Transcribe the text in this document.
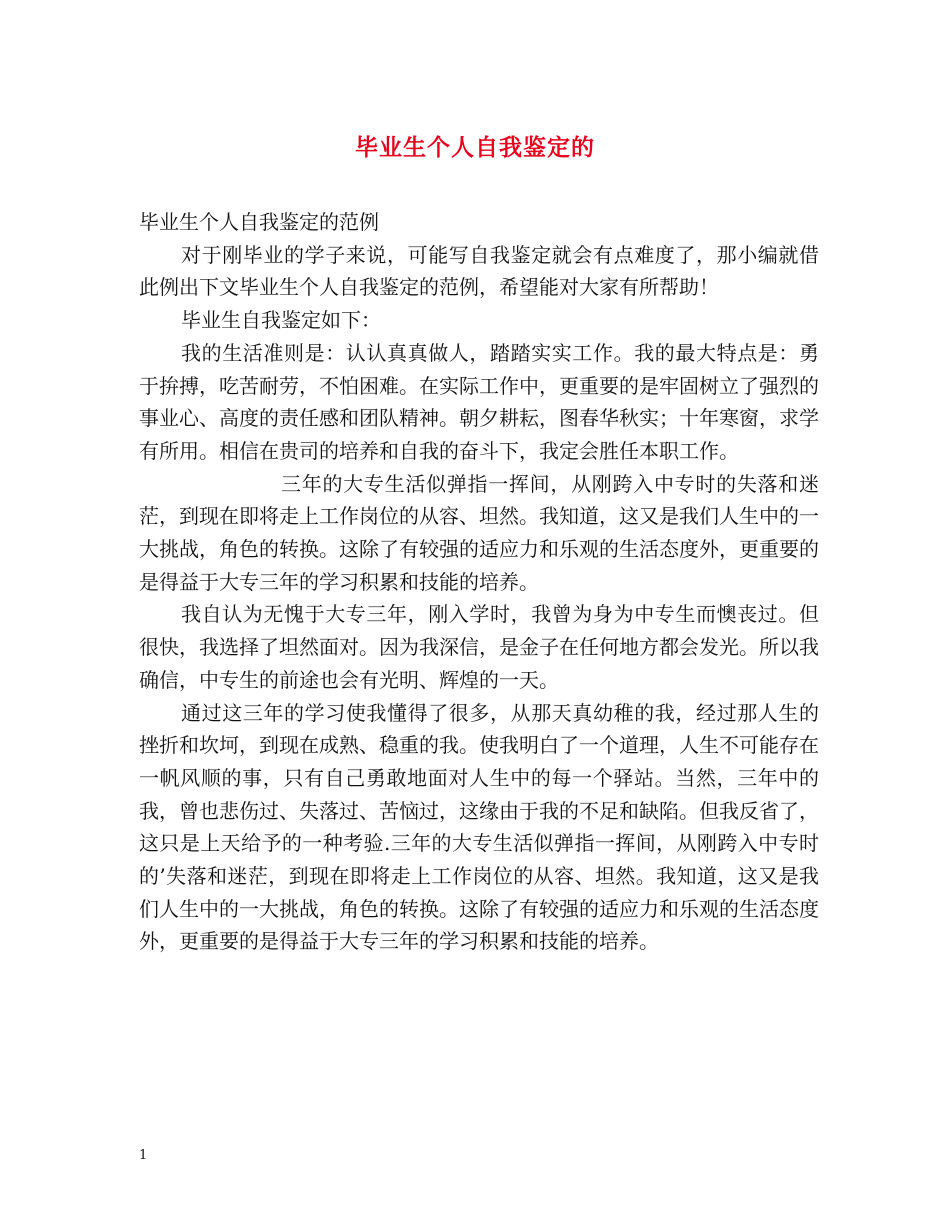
毕业生个人自我鉴定的

毕业生个人自我鉴定的范例

对于刚毕业的学子来说，可能写自我鉴定就会有点难度了，那小编就借此例出下文毕业生个人自我鉴定的范例，希望能对大家有所帮助！

毕业生自我鉴定如下：

我的生活准则是：认认真真做人，踏踏实实工作。我的最大特点是：勇于拚搏，吃苦耐劳，不怕困难。在实际工作中，更重要的是牢固树立了强烈的事业心、高度的责任感和团队精神。朝夕耕耘，图春华秋实；十年寒窗，求学有所用。相信在贵司的培养和自我的奋斗下，我定会胜任本职工作。

三年的大专生活似弹指一挥间，从刚跨入中专时的失落和迷茫，到现在即将走上工作岗位的从容、坦然。我知道，这又是我们人生中的一大挑战，角色的转换。这除了有较强的适应力和乐观的生活态度外，更重要的是得益于大专三年的学习积累和技能的培养。

我自认为无愧于大专三年，刚入学时，我曾为身为中专生而懊丧过。但很快，我选择了坦然面对。因为我深信，是金子在任何地方都会发光。所以我确信，中专生的前途也会有光明、辉煌的一天。

通过这三年的学习使我懂得了很多，从那天真幼稚的我，经过那人生的挫折和坎坷，到现在成熟、稳重的我。使我明白了一个道理，人生不可能存在一帆风顺的事，只有自己勇敢地面对人生中的每一个驿站。当然，三年中的我，曾也悲伤过、失落过、苦恼过，这缘由于我的不足和缺陷。但我反省了，这只是上天给予的一种考验.三年的大专生活似弹指一挥间，从刚跨入中专时的’失落和迷茫，到现在即将走上工作岗位的从容、坦然。我知道，这又是我们人生中的一大挑战，角色的转换。这除了有较强的适应力和乐观的生活态度外，更重要的是得益于大专三年的学习积累和技能的培养。

1
